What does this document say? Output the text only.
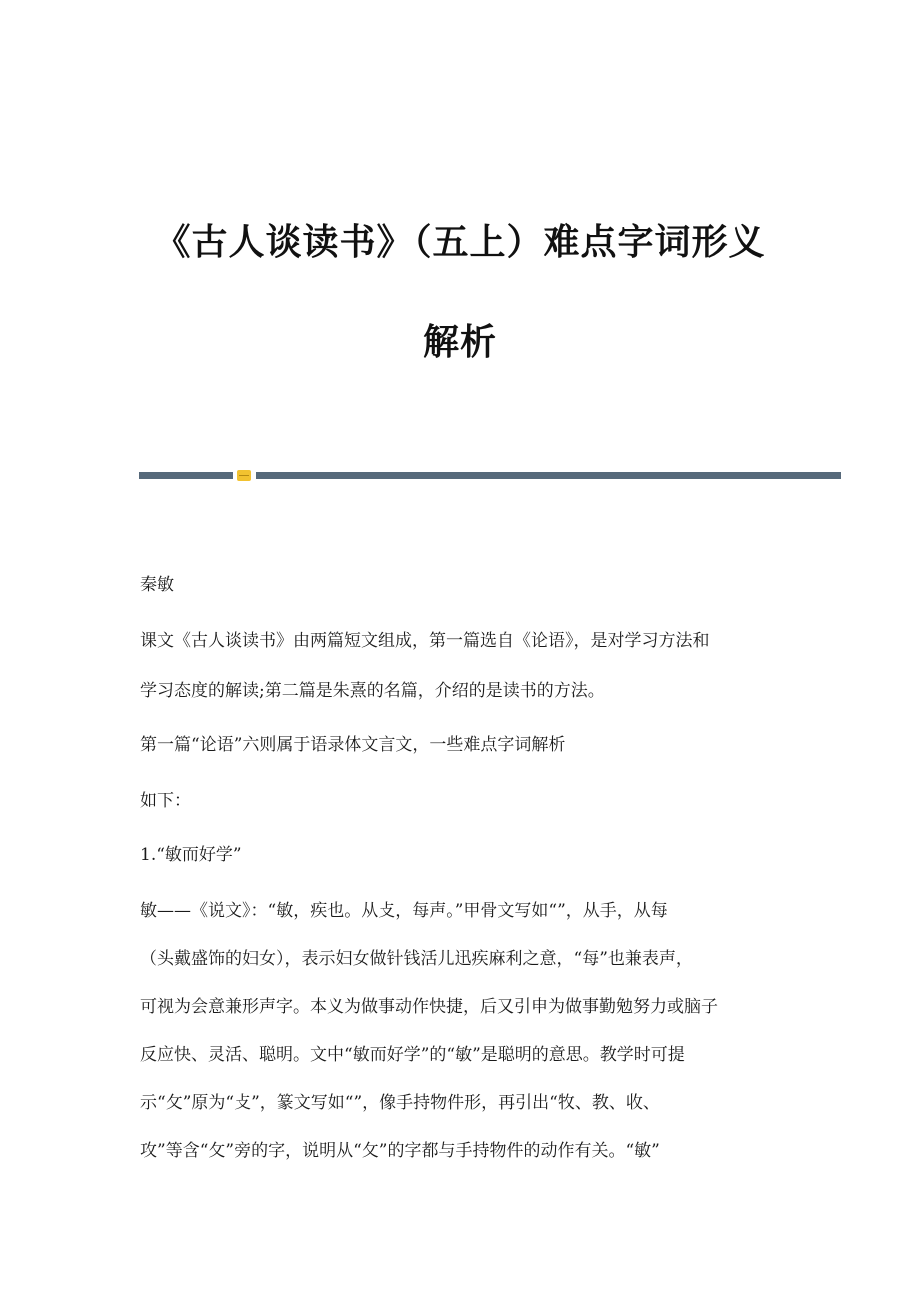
《古人谈读书》（五上）难点字词形义
解析
秦敏
课文《古人谈读书》由两篇短文组成，第一篇选自《论语》，是对学习方法和
学习态度的解读;第二篇是朱熹的名篇，介绍的是读书的方法。
第一篇“论语”六则属于语录体文言文，一些难点字词解析
如下：
1.“敏而好学”
敏——《说文》：“敏，疾也。从攴，每声。”甲骨文写如“”，从手，从每
（头戴盛饰的妇女），表示妇女做针钱活儿迅疾麻利之意，“每”也兼表声，
可视为会意兼形声字。本义为做事动作快捷，后又引申为做事勤勉努力或脑子
反应快、灵活、聪明。文中“敏而好学”的“敏”是聪明的意思。教学时可提
示“攵”原为“攴”，篆文写如“”，像手持物件形，再引出“牧、教、收、
攻”等含“攵”旁的字，说明从“攵”的字都与手持物件的动作有关。“敏”
